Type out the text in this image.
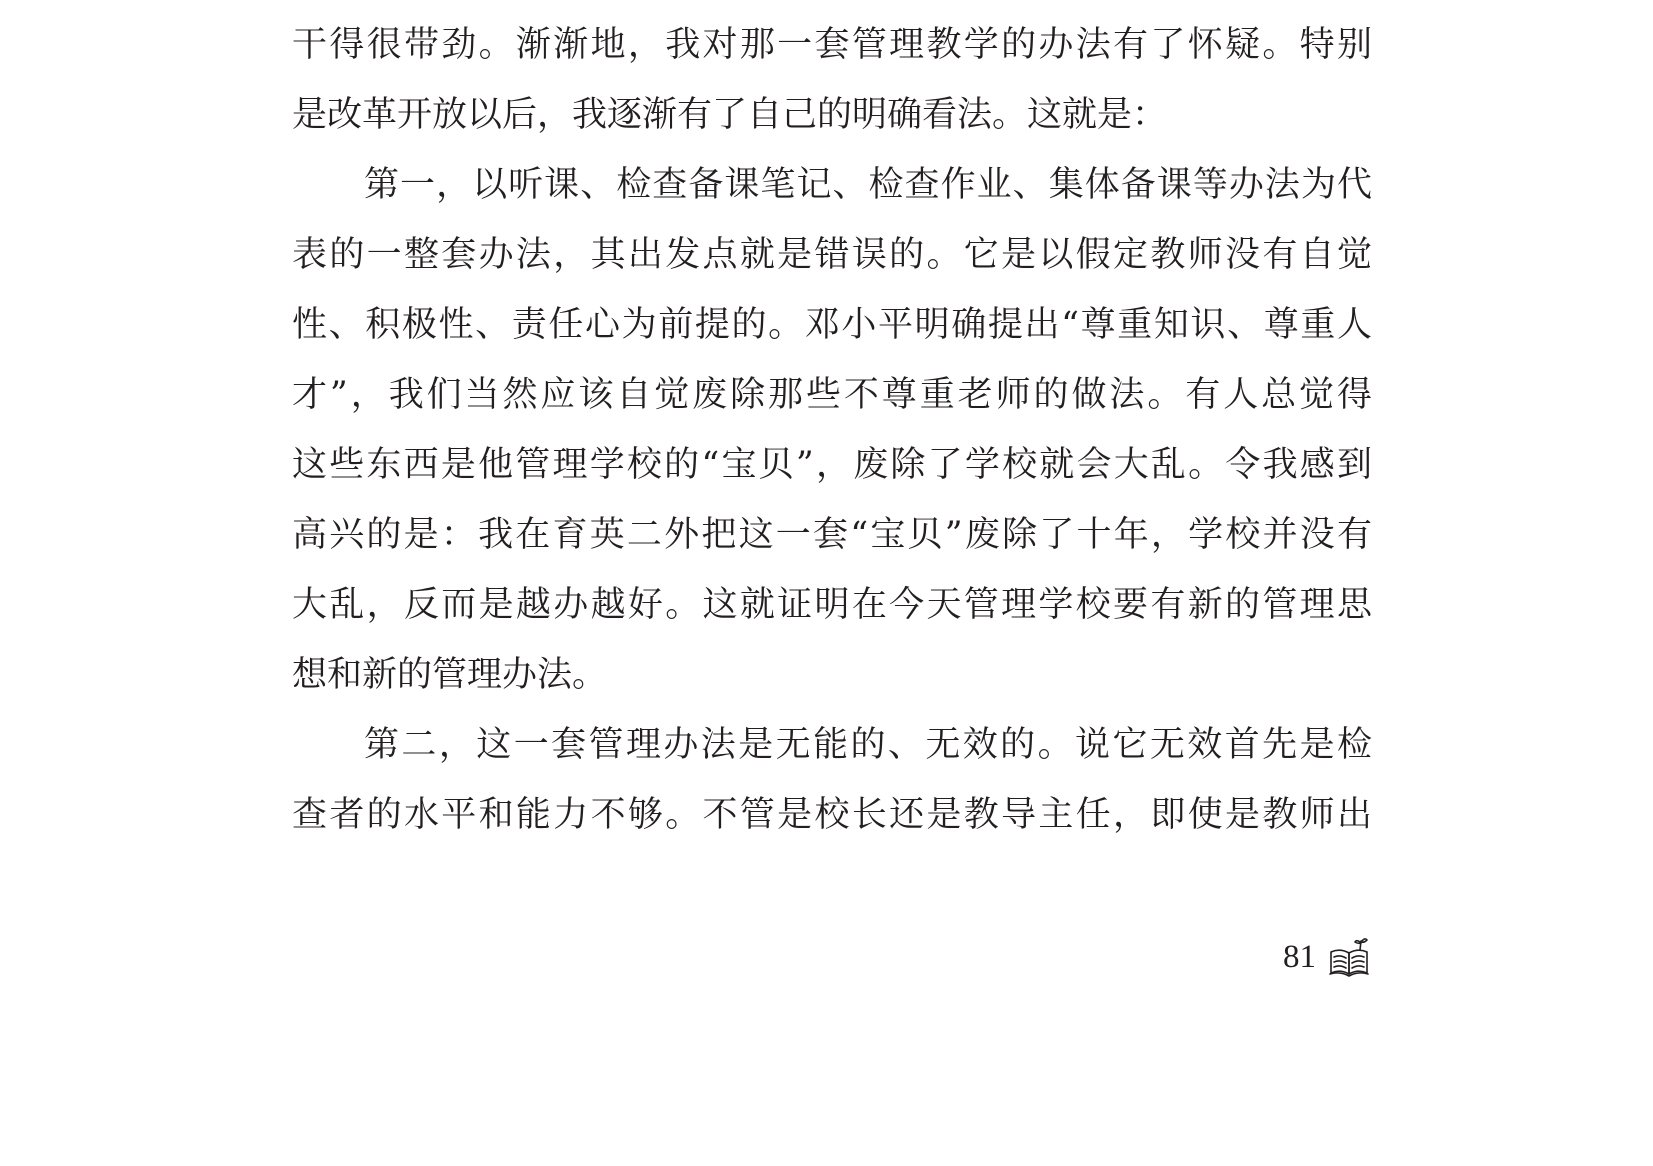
干得很带劲。渐渐地，我对那一套管理教学的办法有了怀疑。特别
是改革开放以后，我逐渐有了自己的明确看法。这就是：
第一，以听课、检查备课笔记、检查作业、集体备课等办法为代
表的一整套办法，其出发点就是错误的。它是以假定教师没有自觉
性、积极性、责任心为前提的。邓小平明确提出“尊重知识、尊重人
才”，我们当然应该自觉废除那些不尊重老师的做法。有人总觉得
这些东西是他管理学校的“宝贝”，废除了学校就会大乱。令我感到
高兴的是：我在育英二外把这一套“宝贝”废除了十年，学校并没有
大乱，反而是越办越好。这就证明在今天管理学校要有新的管理思
想和新的管理办法。
第二，这一套管理办法是无能的、无效的。说它无效首先是检
查者的水平和能力不够。不管是校长还是教导主任，即使是教师出
81
